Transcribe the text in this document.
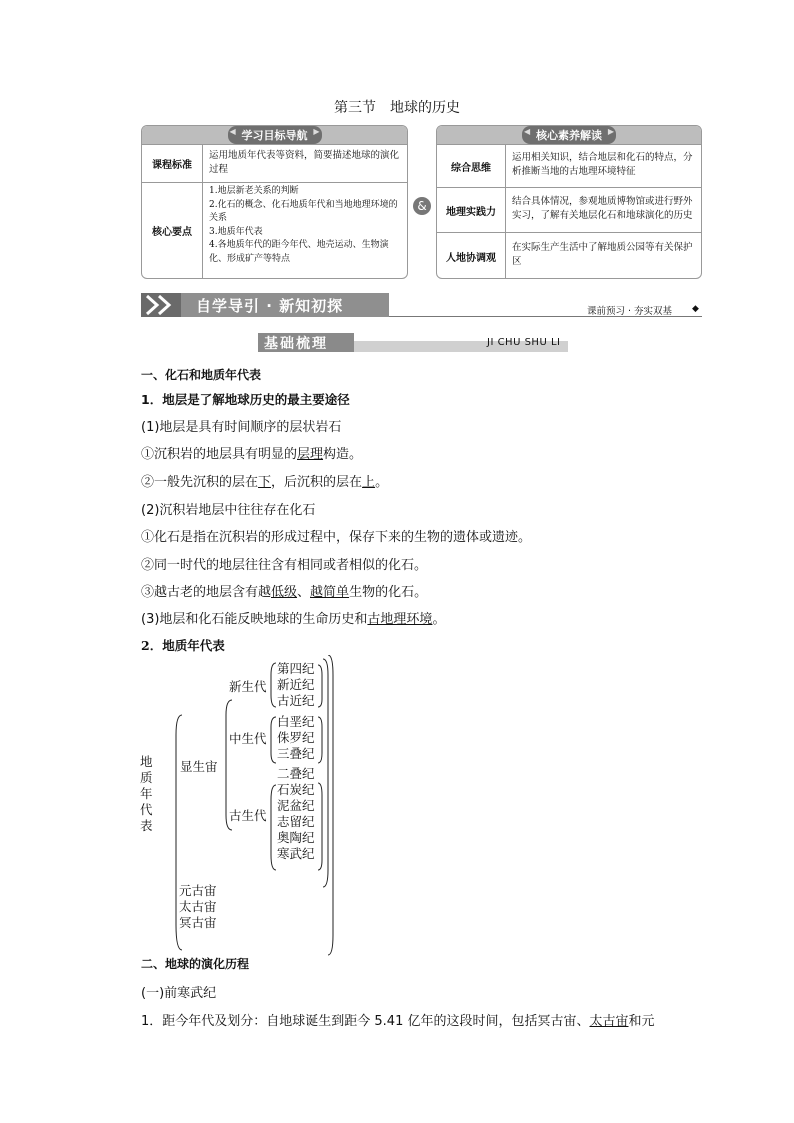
第三节　地球的历史
◀ 学习目标导航 ▶
课程标准
运用地质年代表等资料，简要描述地球的演化过程
核心要点
1.地层新老关系的判断
2.化石的概念、化石地质年代和当地地理环境的关系
3.地质年代表
4.各地质年代的距今年代、地壳运动、生物演化、形成矿产等特点
&
◀ 核心素养解读 ▶
综合思维
运用相关知识，结合地层和化石的特点，分析推断当地的古地理环境特征
地理实践力
结合具体情况，参观地质博物馆或进行野外实习，了解有关地层化石和地球演化的历史
人地协调观
在实际生产生活中了解地质公园等有关保护区
自学导引 · 新知初探	课前预习 · 夯实双基 ◆
基础梳理	JI CHU SHU LI
一、化石和地质年代表
1．地层是了解地球历史的最主要途径
(1)地层是具有时间顺序的层状岩石
①沉积岩的地层具有明显的层理构造。
②一般先沉积的层在下，后沉积的层在上。
(2)沉积岩地层中往往存在化石
①化石是指在沉积岩的形成过程中，保存下来的生物的遗体或遗迹。
②同一时代的地层往往含有相同或者相似的化石。
③越古老的地层含有越低级、越简单生物的化石。
(3)地层和化石能反映地球的生命历史和古地理环境。
2．地质年代表
地
质
年
代
表
显生宙
元古宙
太古宙
冥古宙
新生代
中生代
古生代
第四纪
新近纪
古近纪
白垩纪
侏罗纪
三叠纪
二叠纪
石炭纪
泥盆纪
志留纪
奥陶纪
寒武纪
二、地球的演化历程
(一)前寒武纪
1．距今年代及划分：自地球诞生到距今 5.41 亿年的这段时间，包括冥古宙、太古宙和元
